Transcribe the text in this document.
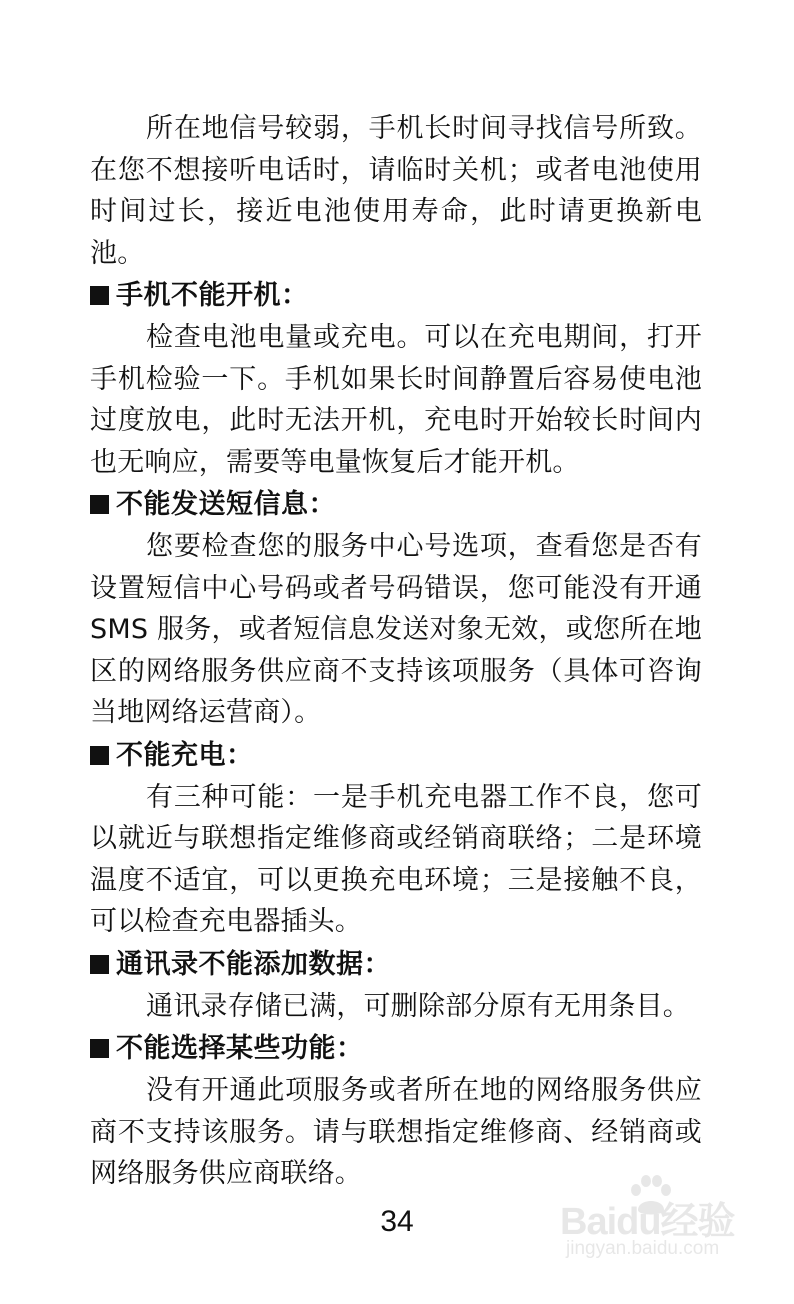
所在地信号较弱，手机长时间寻找信号所致。在您不想接听电话时，请临时关机；或者电池使用时间过长，接近电池使用寿命，此时请更换新电池。

手机不能开机：

检查电池电量或充电。可以在充电期间，打开手机检验一下。手机如果长时间静置后容易使电池过度放电，此时无法开机，充电时开始较长时间内也无响应，需要等电量恢复后才能开机。

不能发送短信息：

您要检查您的服务中心号选项，查看您是否有设置短信中心号码或者号码错误，您可能没有开通SMS 服务，或者短信息发送对象无效，或您所在地区的网络服务供应商不支持该项服务（具体可咨询当地网络运营商）。

不能充电：

有三种可能：一是手机充电器工作不良，您可以就近与联想指定维修商或经销商联络；二是环境温度不适宜，可以更换充电环境；三是接触不良，可以检查充电器插头。

通讯录不能添加数据：

通讯录存储已满，可删除部分原有无用条目。

不能选择某些功能：

没有开通此项服务或者所在地的网络服务供应商不支持该服务。请与联想指定维修商、经销商或网络服务供应商联络。

34	Baidu经验
jingyan.baidu.com
